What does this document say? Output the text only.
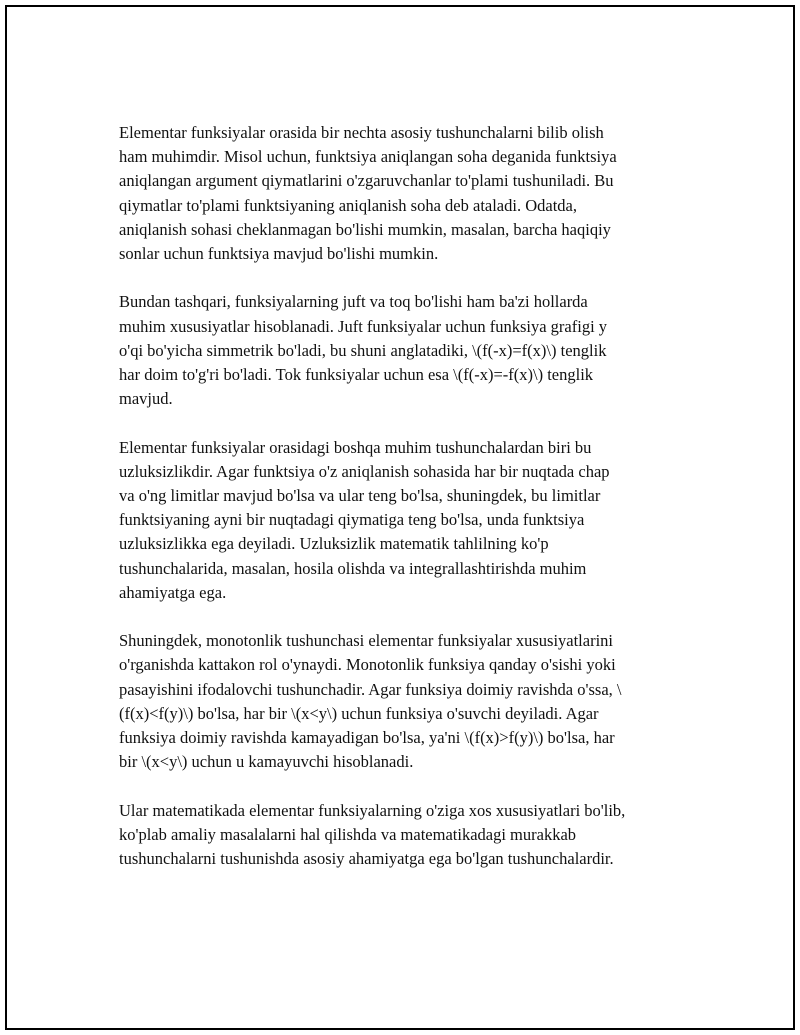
Elementar funksiyalar orasida bir nechta asosiy tushunchalarni bilib olish
ham muhimdir. Misol uchun, funktsiya aniqlangan soha deganida funktsiya
aniqlangan argument qiymatlarini o'zgaruvchanlar to'plami tushuniladi. Bu
qiymatlar to'plami funktsiyaning aniqlanish soha deb ataladi. Odatda,
aniqlanish sohasi cheklanmagan bo'lishi mumkin, masalan, barcha haqiqiy
sonlar uchun funktsiya mavjud bo'lishi mumkin.

Bundan tashqari, funksiyalarning juft va toq bo'lishi ham ba'zi hollarda
muhim xususiyatlar hisoblanadi. Juft funksiyalar uchun funksiya grafigi y
o'qi bo'yicha simmetrik bo'ladi, bu shuni anglatadiki, \(f(-x)=f(x)\) tenglik
har doim to'g'ri bo'ladi. Tok funksiyalar uchun esa \(f(-x)=-f(x)\) tenglik
mavjud.

Elementar funksiyalar orasidagi boshqa muhim tushunchalardan biri bu
uzluksizlikdir. Agar funktsiya o'z aniqlanish sohasida har bir nuqtada chap
va o'ng limitlar mavjud bo'lsa va ular teng bo'lsa, shuningdek, bu limitlar
funktsiyaning ayni bir nuqtadagi qiymatiga teng bo'lsa, unda funktsiya
uzluksizlikka ega deyiladi. Uzluksizlik matematik tahlilning ko'p
tushunchalarida, masalan, hosila olishda va integrallashtirishda muhim
ahamiyatga ega.

Shuningdek, monotonlik tushunchasi elementar funksiyalar xususiyatlarini
o'rganishda kattakon rol o'ynaydi. Monotonlik funksiya qanday o'sishi yoki
pasayishini ifodalovchi tushunchadir. Agar funksiya doimiy ravishda o'ssa, \
(f(x)<f(y)\) bo'lsa, har bir \(x<y\) uchun funksiya o'suvchi deyiladi. Agar
funksiya doimiy ravishda kamayadigan bo'lsa, ya'ni \(f(x)>f(y)\) bo'lsa, har
bir \(x<y\) uchun u kamayuvchi hisoblanadi.

Ular matematikada elementar funksiyalarning o'ziga xos xususiyatlari bo'lib,
ko'plab amaliy masalalarni hal qilishda va matematikadagi murakkab
tushunchalarni tushunishda asosiy ahamiyatga ega bo'lgan tushunchalardir.
